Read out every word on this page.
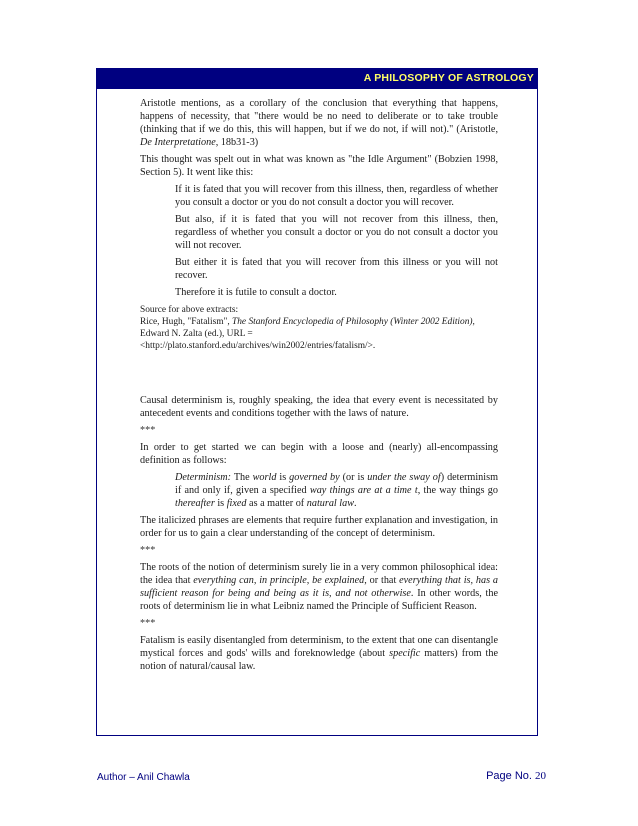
A PHILOSOPHY OF ASTROLOGY

Aristotle mentions, as a corollary of the conclusion that everything that happens, happens of necessity, that "there would be no need to deliberate or to take trouble (thinking that if we do this, this will happen, but if we do not, if will not)." (Aristotle, De Interpretatione, 18b31-3)

This thought was spelt out in what was known as "the Idle Argument" (Bobzien 1998, Section 5). It went like this:

If it is fated that you will recover from this illness, then, regardless of whether you consult a doctor or you do not consult a doctor you will recover.

But also, if it is fated that you will not recover from this illness, then, regardless of whether you consult a doctor or you do not consult a doctor you will not recover.

But either it is fated that you will recover from this illness or you will not recover.

Therefore it is futile to consult a doctor.

Source for above extracts:
Rice, Hugh, "Fatalism", The Stanford Encyclopedia of Philosophy (Winter 2002 Edition),
Edward N. Zalta (ed.), URL =
<http://plato.stanford.edu/archives/win2002/entries/fatalism/>.

Causal determinism is, roughly speaking, the idea that every event is necessitated by antecedent events and conditions together with the laws of nature.

***

In order to get started we can begin with a loose and (nearly) all-encompassing definition as follows:

Determinism: The world is governed by (or is under the sway of) determinism if and only if, given a specified way things are at a time t, the way things go thereafter is fixed as a matter of natural law.

The italicized phrases are elements that require further explanation and investigation, in order for us to gain a clear understanding of the concept of determinism.

***

The roots of the notion of determinism surely lie in a very common philosophical idea: the idea that everything can, in principle, be explained, or that everything that is, has a sufficient reason for being and being as it is, and not otherwise. In other words, the roots of determinism lie in what Leibniz named the Principle of Sufficient Reason.

***

Fatalism is easily disentangled from determinism, to the extent that one can disentangle mystical forces and gods' wills and foreknowledge (about specific matters) from the notion of natural/causal law.

Author – Anil Chawla	Page No. 20
